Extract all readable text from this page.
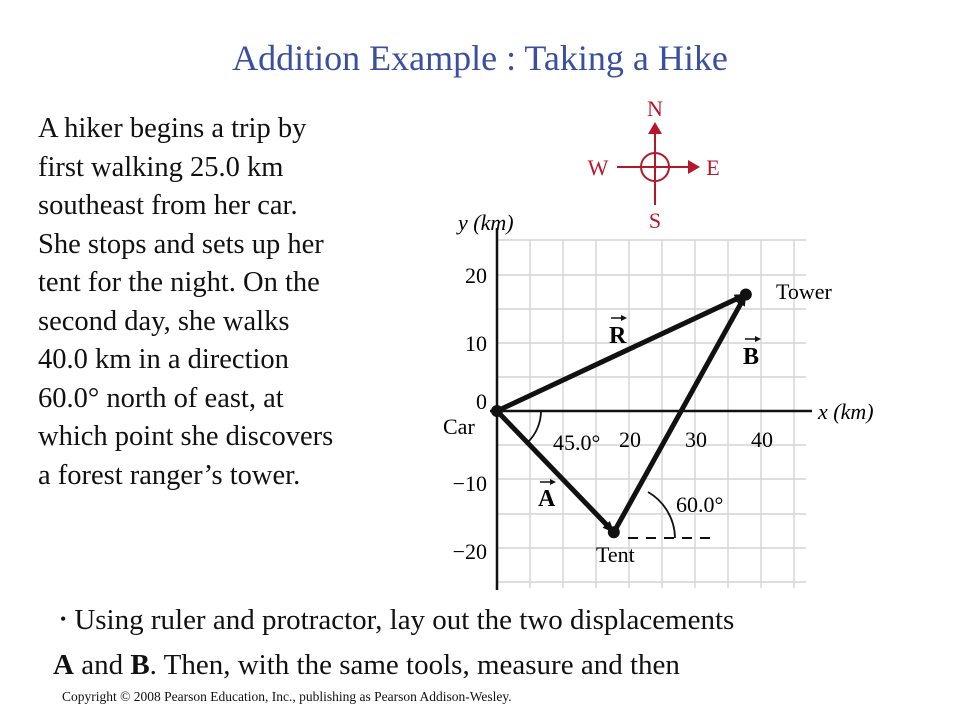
Addition Example : Taking a Hike
A hiker begins a trip by
first walking 25.0 km
southeast from her car.
She stops and sets up her
tent for the night. On the
second day, she walks
40.0 km in a direction
60.0° north of east, at
which point she discovers
a forest ranger’s tower.
N
S
E
W
y (km)
x (km)
20
10
0
−10
−20
20 30 40
45.0°
60.0°
A
B
R
Car
Tent
Tower
• Using ruler and protractor, lay out the two displacements
A and B. Then, with the same tools, measure and then
Copyright © 2008 Pearson Education, Inc., publishing as Pearson Addison-Wesley.
